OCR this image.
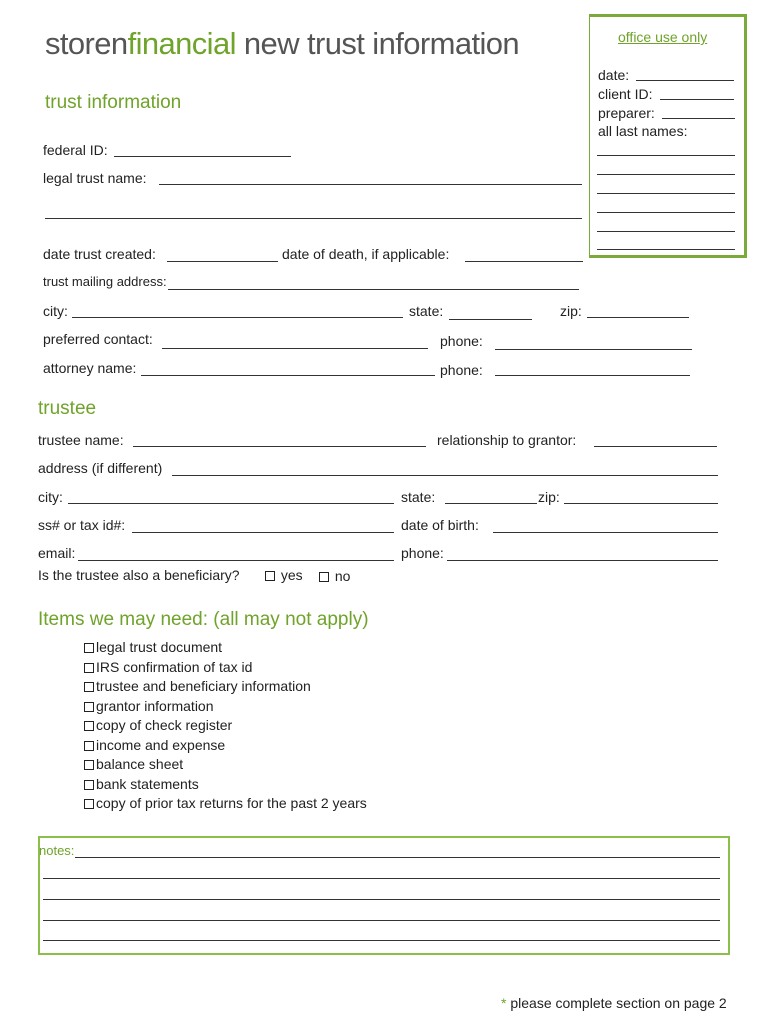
storenfinancial new trust information	office use only
date:
client ID:
preparer:
all last names:
trust information
federal ID:
legal trust name:
date trust created:	date of death, if applicable:
trust mailing address:
city:	state:	zip:
preferred contact:	phone:
attorney name:	phone:
trustee
trustee name:	relationship to grantor:
address (if different)
city:	state:	zip:
ss# or tax id#:	date of birth:
email:	phone:
Is the trustee also a beneficiary?	yes	no
Items we may need: (all may not apply)
legal trust document
IRS confirmation of tax id
trustee and beneficiary information
grantor information
copy of check register
income and expense
balance sheet
bank statements
copy of prior tax returns for the past 2 years
notes:
* please complete section on page 2
